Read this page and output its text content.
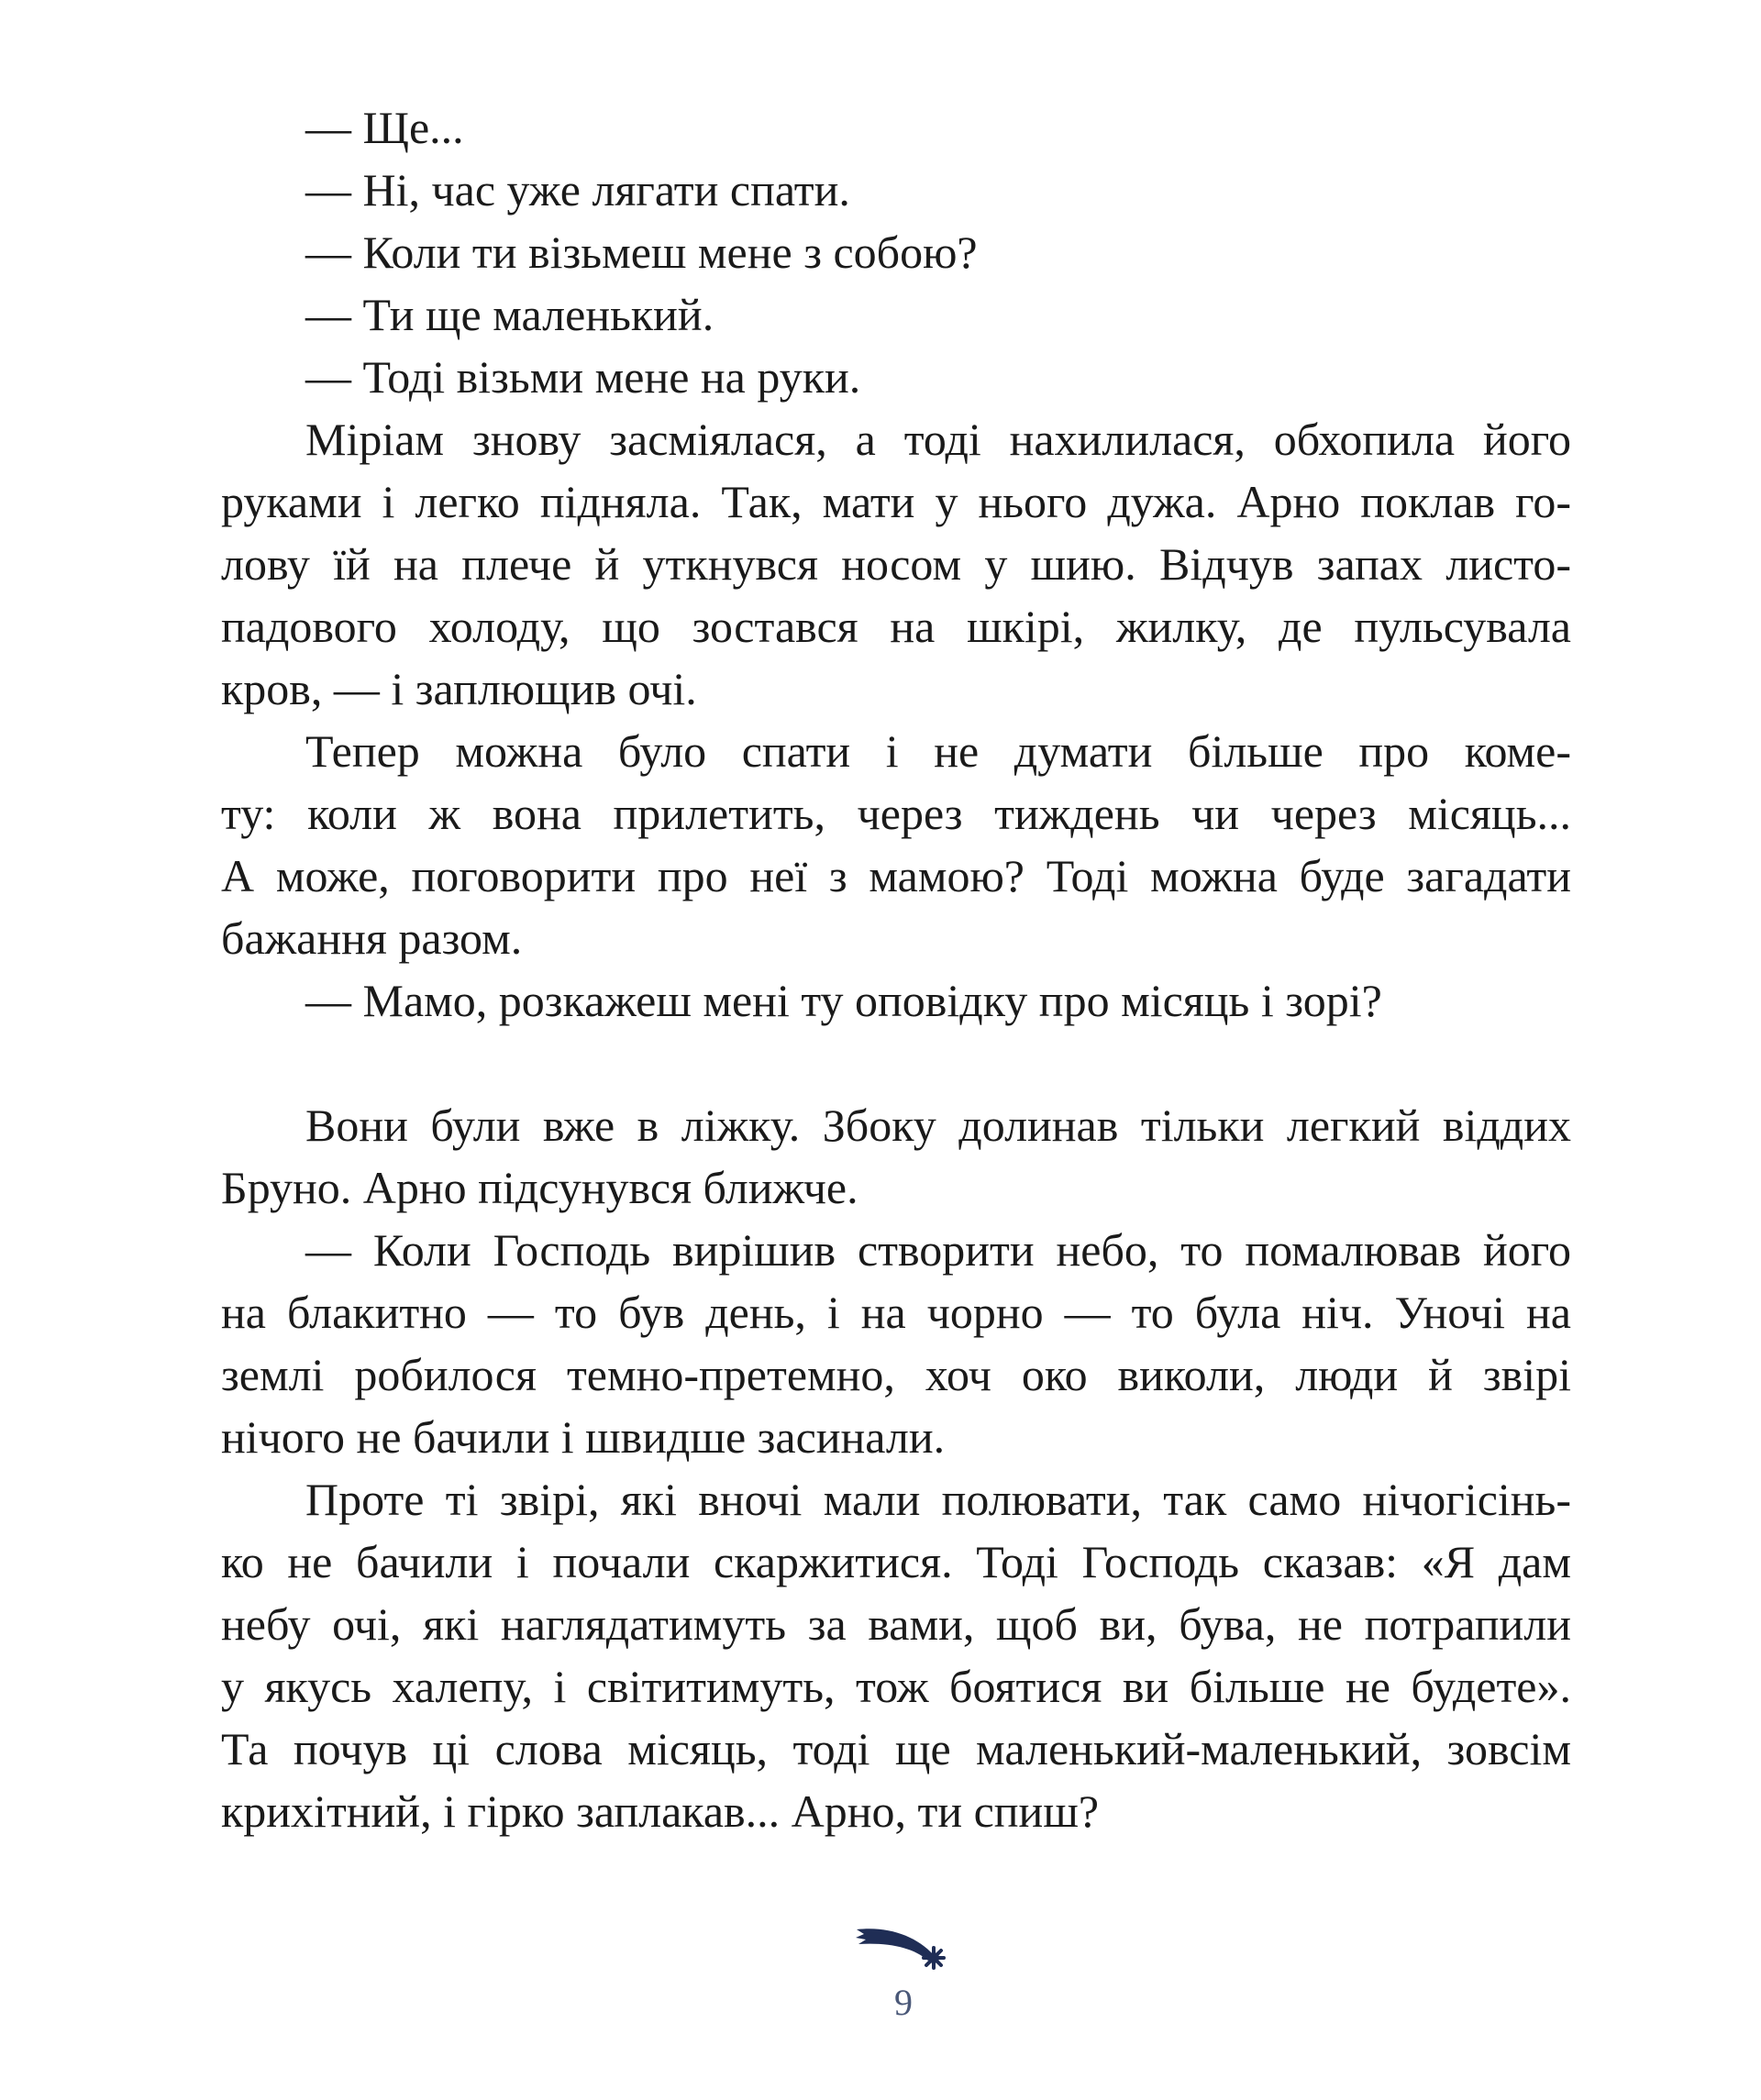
— Ще...
— Ні, час уже лягати спати.
— Коли ти візьмеш мене з собою?
— Ти ще маленький.
— Тоді візьми мене на руки.
Міріам знову засміялася, а тоді нахилилася, обхопила його
руками і легко підняла. Так, мати у нього дужа. Арно поклав го-
лову їй на плече й уткнувся носом у шию. Відчув запах листо-
падового холоду, що зостався на шкірі, жилку, де пульсувала
кров, — і заплющив очі.
Тепер можна було спати і не думати більше про коме-
ту: коли ж вона прилетить, через тиждень чи через місяць...
А може, поговорити про неї з мамою? Тоді можна буде загадати
бажання разом.
— Мамо, розкажеш мені ту оповідку про місяць і зорі?
Вони були вже в ліжку. Збоку долинав тільки легкий віддих
Бруно. Арно підсунувся ближче.
— Коли Господь вирішив створити небо, то помалював його
на блакитно — то був день, і на чорно — то була ніч. Уночі на
землі робилося темно-претемно, хоч око виколи, люди й звірі
нічого не бачили і швидше засинали.
Проте ті звірі, які вночі мали полювати, так само нічогісінь-
ко не бачили і почали скаржитися. Тоді Господь сказав: «Я дам
небу очі, які наглядатимуть за вами, щоб ви, бува, не потрапили
у якусь халепу, і світитимуть, тож боятися ви більше не будете».
Та почув ці слова місяць, тоді ще маленький-маленький, зовсім
крихітний, і гірко заплакав... Арно, ти спиш?
9
